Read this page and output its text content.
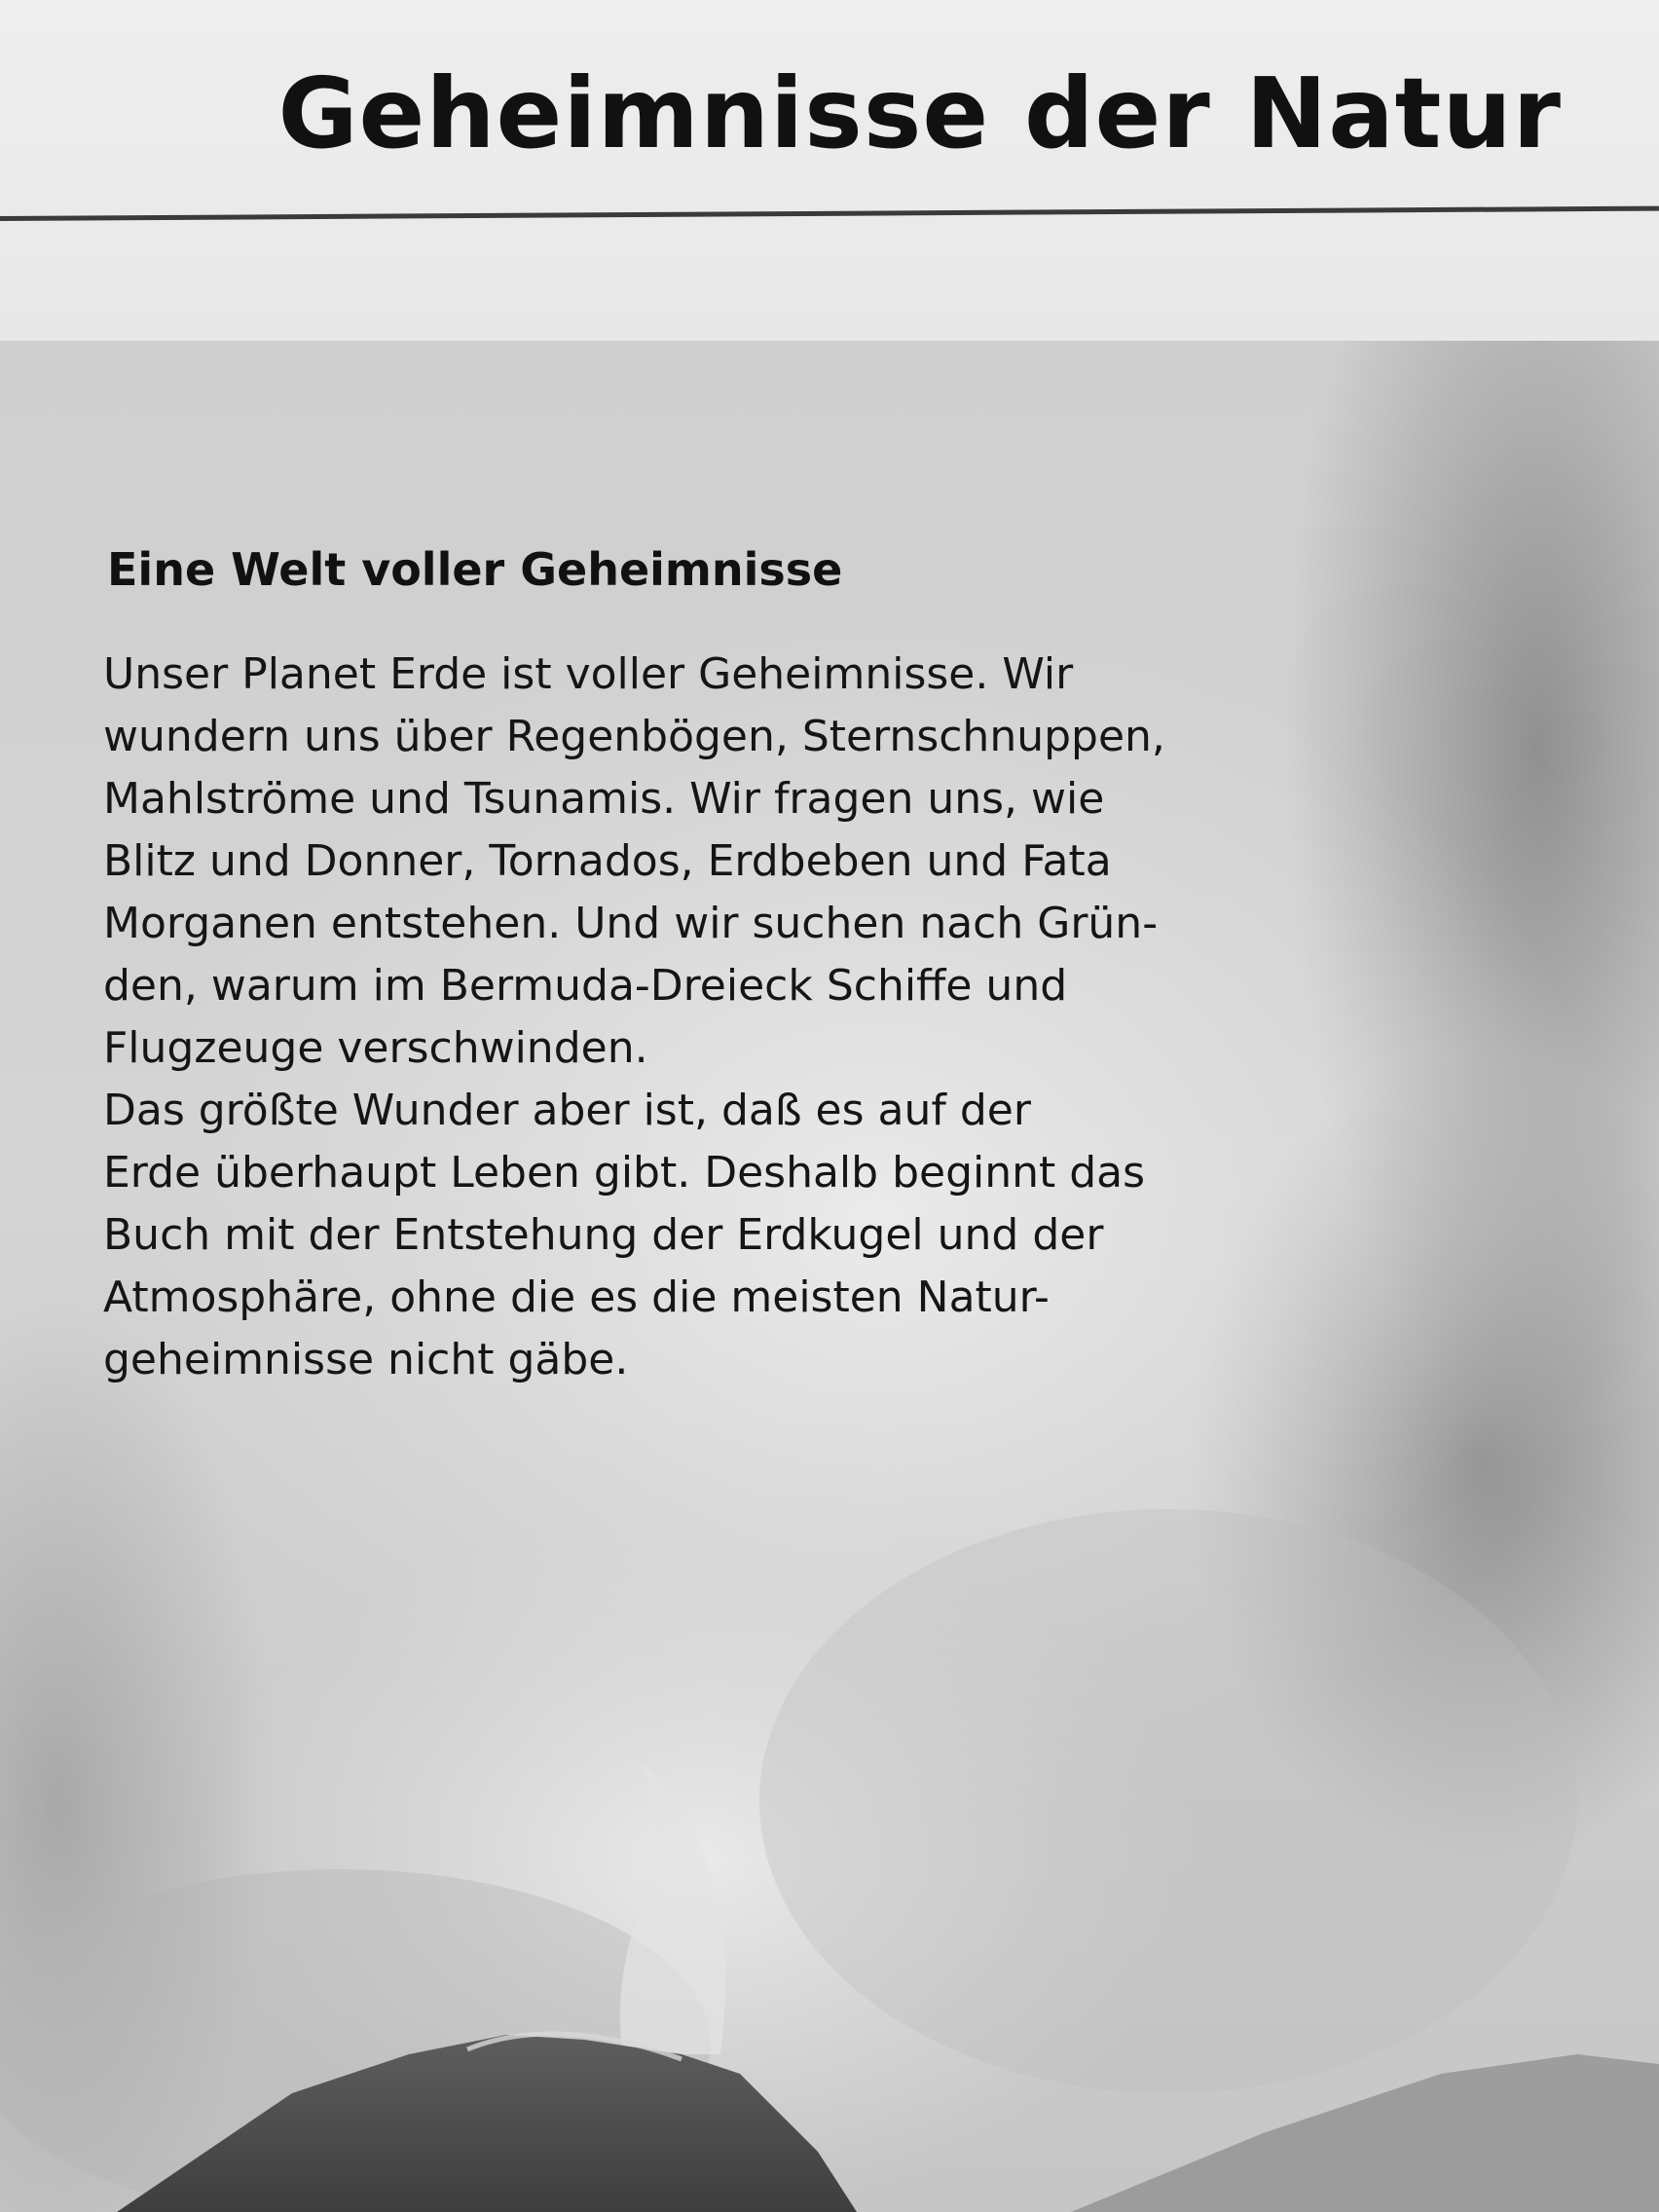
Geheimnisse der Natur
Eine Welt voller Geheimnisse
Unser Planet Erde ist voller Geheimnisse. Wir
wundern uns über Regenbögen, Sternschnuppen,
Mahlströme und Tsunamis. Wir fragen uns, wie
Blitz und Donner, Tornados, Erdbeben und Fata
Morganen entstehen. Und wir suchen nach Grün-
den, warum im Bermuda-Dreieck Schiffe und
Flugzeuge verschwinden.
Das größte Wunder aber ist, daß es auf der
Erde überhaupt Leben gibt. Deshalb beginnt das
Buch mit der Entstehung der Erdkugel und der
Atmosphäre, ohne die es die meisten Natur-
geheimnisse nicht gäbe.
